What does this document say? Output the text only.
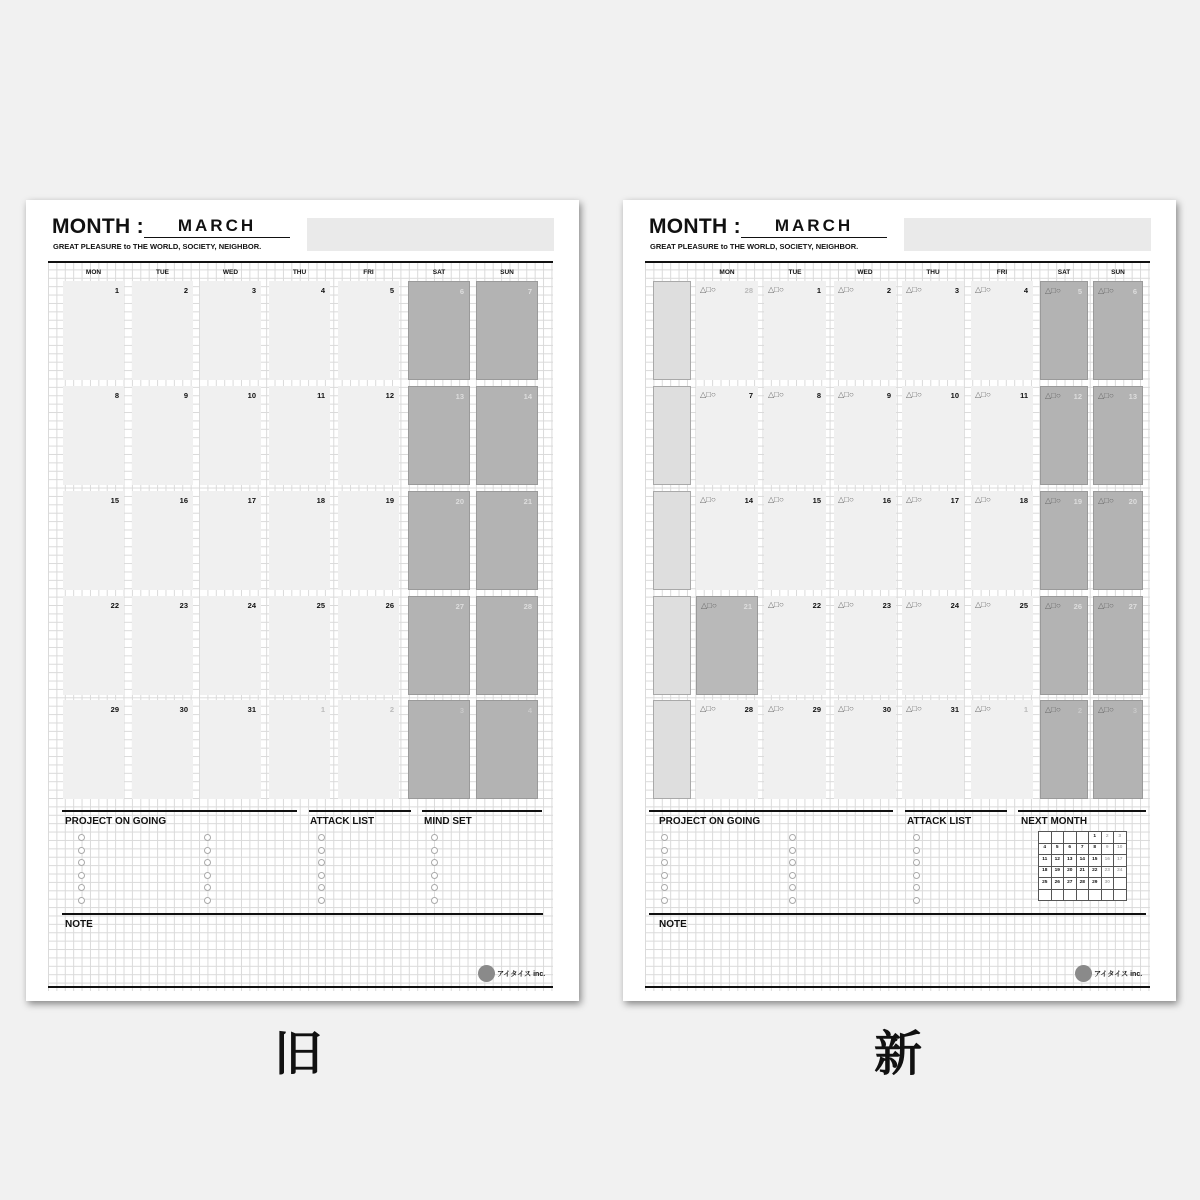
MONTH :	MARCH
GREAT PLEASURE to THE WORLD, SOCIETY, NEIGHBOR.
MON	TUE	WED	THU	FRI	SAT	SUN
1	2	3	4	5	6	7
8	9	10	11	12	13	14
15	16	17	18	19	20	21
22	23	24	25	26	27	28
29	30	31	1	2	3	4
PROJECT ON GOING	ATTACK LIST	MIND SET
NOTE
アイタイス inc.
MONTH :	MARCH
GREAT PLEASURE to THE WORLD, SOCIETY, NEIGHBOR.
MON	TUE	WED	THU	FRI	SAT	SUN
△□○	28 △□○	1 △□○	2 △□○	3 △□○	4 △□○ 5 △□○	6
△□○	7 △□○	8 △□○	9 △□○	10 △□○	11 △□○ 12 △□○ 13
△□○	14 △□○	15 △□○	16 △□○	17 △□○	18 △□○ 19 △□○ 20
△□○	21 △□○	22 △□○	23 △□○	24 △□○	25 △□○ 26 △□○ 27
△□○	28 △□○	29 △□○	30 △□○	31 △□○	1 △□○ 2 △□○	3
PROJECT ON GOING	ATTACK LIST	NEXT MONTH
				1	2	3
4	5	6	7	8	9	10
11	12	13	14	15	16	17
18	19	20	21	22	23	24
25	26	27	28	29	30	

NOTE
アイタイス inc.
旧	新
